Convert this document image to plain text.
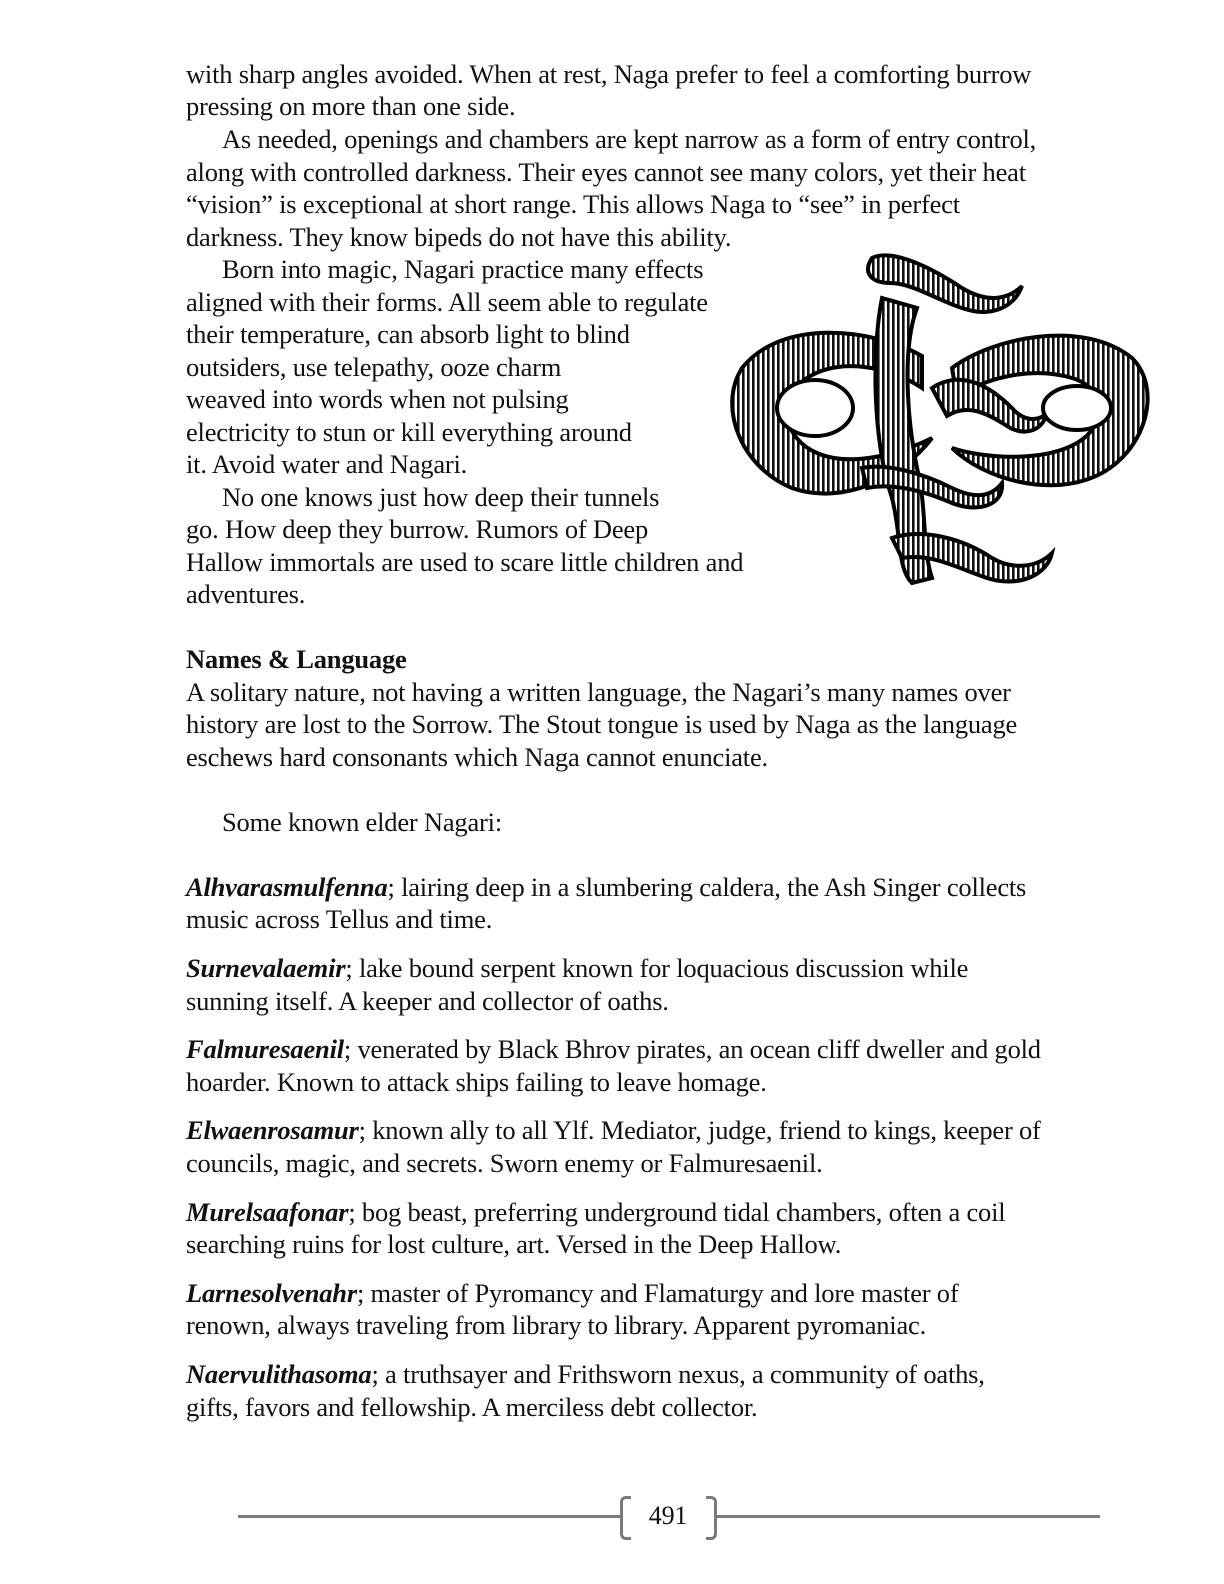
with sharp angles avoided. When at rest, Naga prefer to feel a comforting burrow
pressing on more than one side.
As needed, openings and chambers are kept narrow as a form of entry control,
along with controlled darkness. Their eyes cannot see many colors, yet their heat
“vision” is exceptional at short range. This allows Naga to “see” in perfect
darkness. They know bipeds do not have this ability.
Born into magic, Nagari practice many effects
aligned with their forms. All seem able to regulate
their temperature, can absorb light to blind
outsiders, use telepathy, ooze charm
weaved into words when not pulsing
electricity to stun or kill everything around
it. Avoid water and Nagari.
No one knows just how deep their tunnels
go. How deep they burrow. Rumors of Deep
Hallow immortals are used to scare little children and
adventures.
Names & Language
A solitary nature, not having a written language, the Nagari’s many names over
history are lost to the Sorrow. The Stout tongue is used by Naga as the language
eschews hard consonants which Naga cannot enunciate.
Some known elder Nagari:
Alhvarasmulfenna; lairing deep in a slumbering caldera, the Ash Singer collects
music across Tellus and time.
Surnevalaemir; lake bound serpent known for loquacious discussion while
sunning itself. A keeper and collector of oaths.
Falmuresaenil; venerated by Black Bhrov pirates, an ocean cliff dweller and gold
hoarder. Known to attack ships failing to leave homage.
Elwaenrosamur; known ally to all Ylf. Mediator, judge, friend to kings, keeper of
councils, magic, and secrets. Sworn enemy or Falmuresaenil.
Murelsaafonar; bog beast, preferring underground tidal chambers, often a coil
searching ruins for lost culture, art. Versed in the Deep Hallow.
Larnesolvenahr; master of Pyromancy and Flamaturgy and lore master of
renown, always traveling from library to library. Apparent pyromaniac.
Naervulithasoma; a truthsayer and Frithsworn nexus, a community of oaths,
gifts, favors and fellowship. A merciless debt collector.
491
